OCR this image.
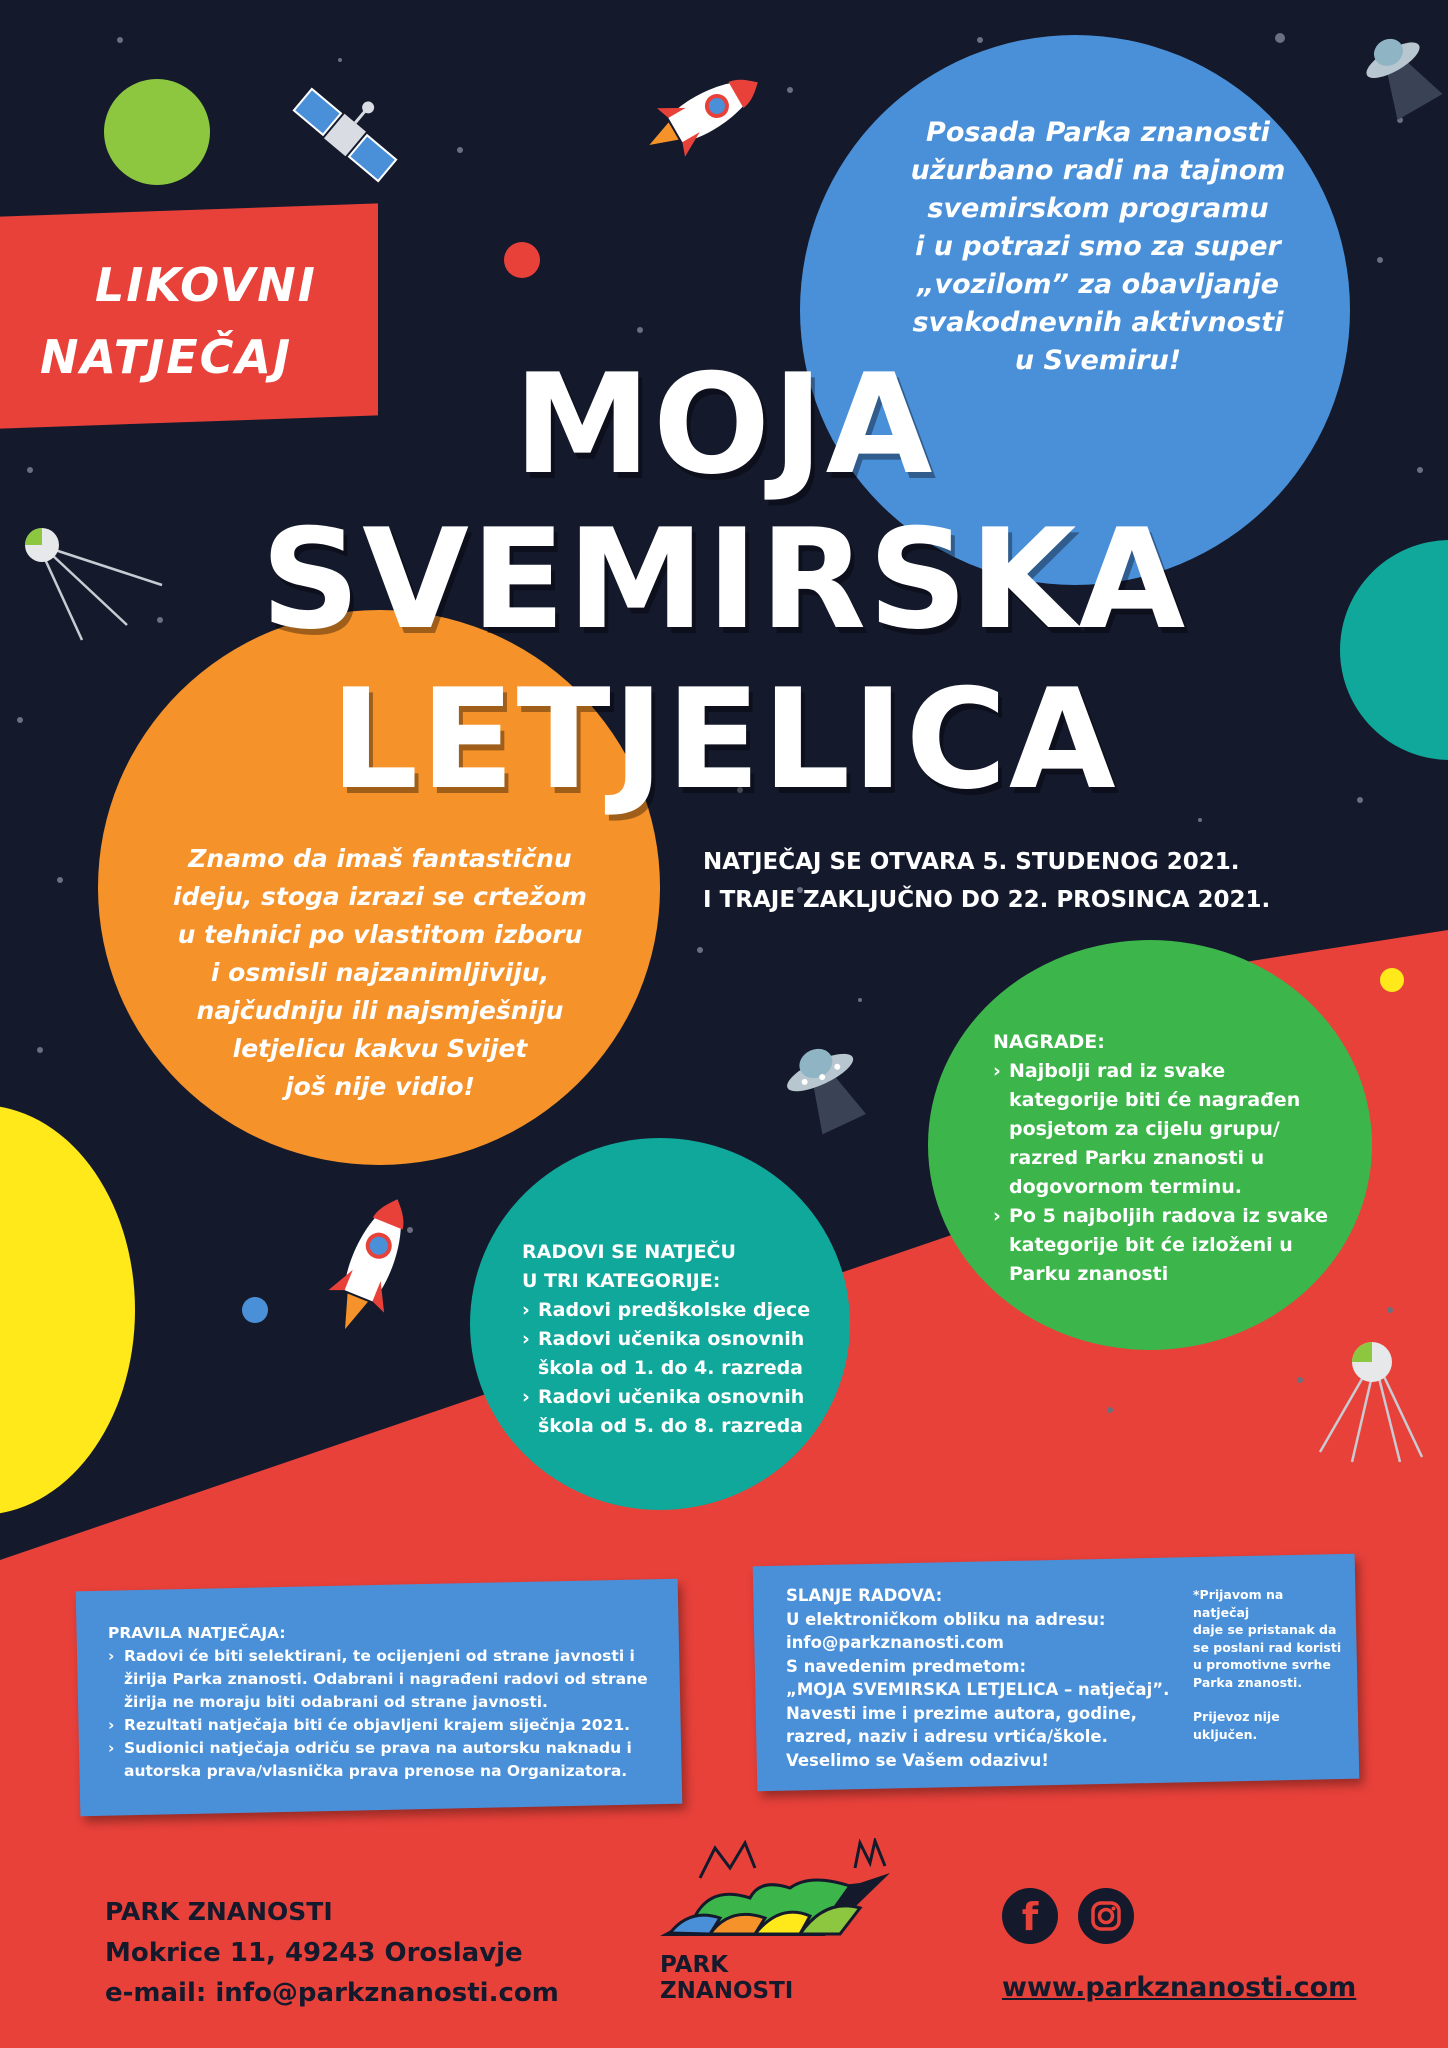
LIKOVNI
NATJEČAJ
Posada Parka znanosti
užurbano radi na tajnom
svemirskom programu
i u potrazi smo za super
„vozilom” za obavljanje
svakodnevnih aktivnosti
u Svemiru!
MOJA
SVEMIRSKA
LETJELICA
Znamo da imaš fantastičnu
ideju, stoga izrazi se crtežom
u tehnici po vlastitom izboru
i osmisli najzanimljiviju,
najčudniju ili najsmješniju
letjelicu kakvu Svijet
još nije vidio!
NATJEČAJ SE OTVARA 5. STUDENOG 2021.
I TRAJE ZAKLJUČNO DO 22. PROSINCA 2021.
NAGRADE:
› Najbolji rad iz svake kategorije biti će nagrađen posjetom za cijelu grupu/ razred Parku znanosti u dogovornom terminu.
› Po 5 najboljih radova iz svake kategorije bit će izloženi u Parku znanosti
RADOVI SE NATJEČU
U TRI KATEGORIJE:
› Radovi predškolske djece
› Radovi učenika osnovnih škola od 1. do 4. razreda
› Radovi učenika osnovnih škola od 5. do 8. razreda
PRAVILA NATJEČAJA:
› Radovi će biti selektirani, te ocijenjeni od strane javnosti i žirija Parka znanosti. Odabrani i nagrađeni radovi od strane žirija ne moraju biti odabrani od strane javnosti.
› Rezultati natječaja biti će objavljeni krajem siječnja 2021.
› Sudionici natječaja odriču se prava na autorsku naknadu i autorska prava/vlasnička prava prenose na Organizatora.
SLANJE RADOVA:
U elektroničkom obliku na adresu:
info@parkznanosti.com
S navedenim predmetom:
„MOJA SVEMIRSKA LETJELICA – natječaj”.
Navesti ime i prezime autora, godine,
razred, naziv i adresu vrtića/škole.
Veselimo se Vašem odazivu!
*Prijavom na natječaj
daje se pristanak da
se poslani rad koristi
u promotivne svrhe
Parka znanosti.
Prijevoz nije uključen.
PARK ZNANOSTI
Mokrice 11, 49243 Oroslavje
e-mail: info@parkznanosti.com
PARK
ZNANOSTI
f
www.parkznanosti.com
